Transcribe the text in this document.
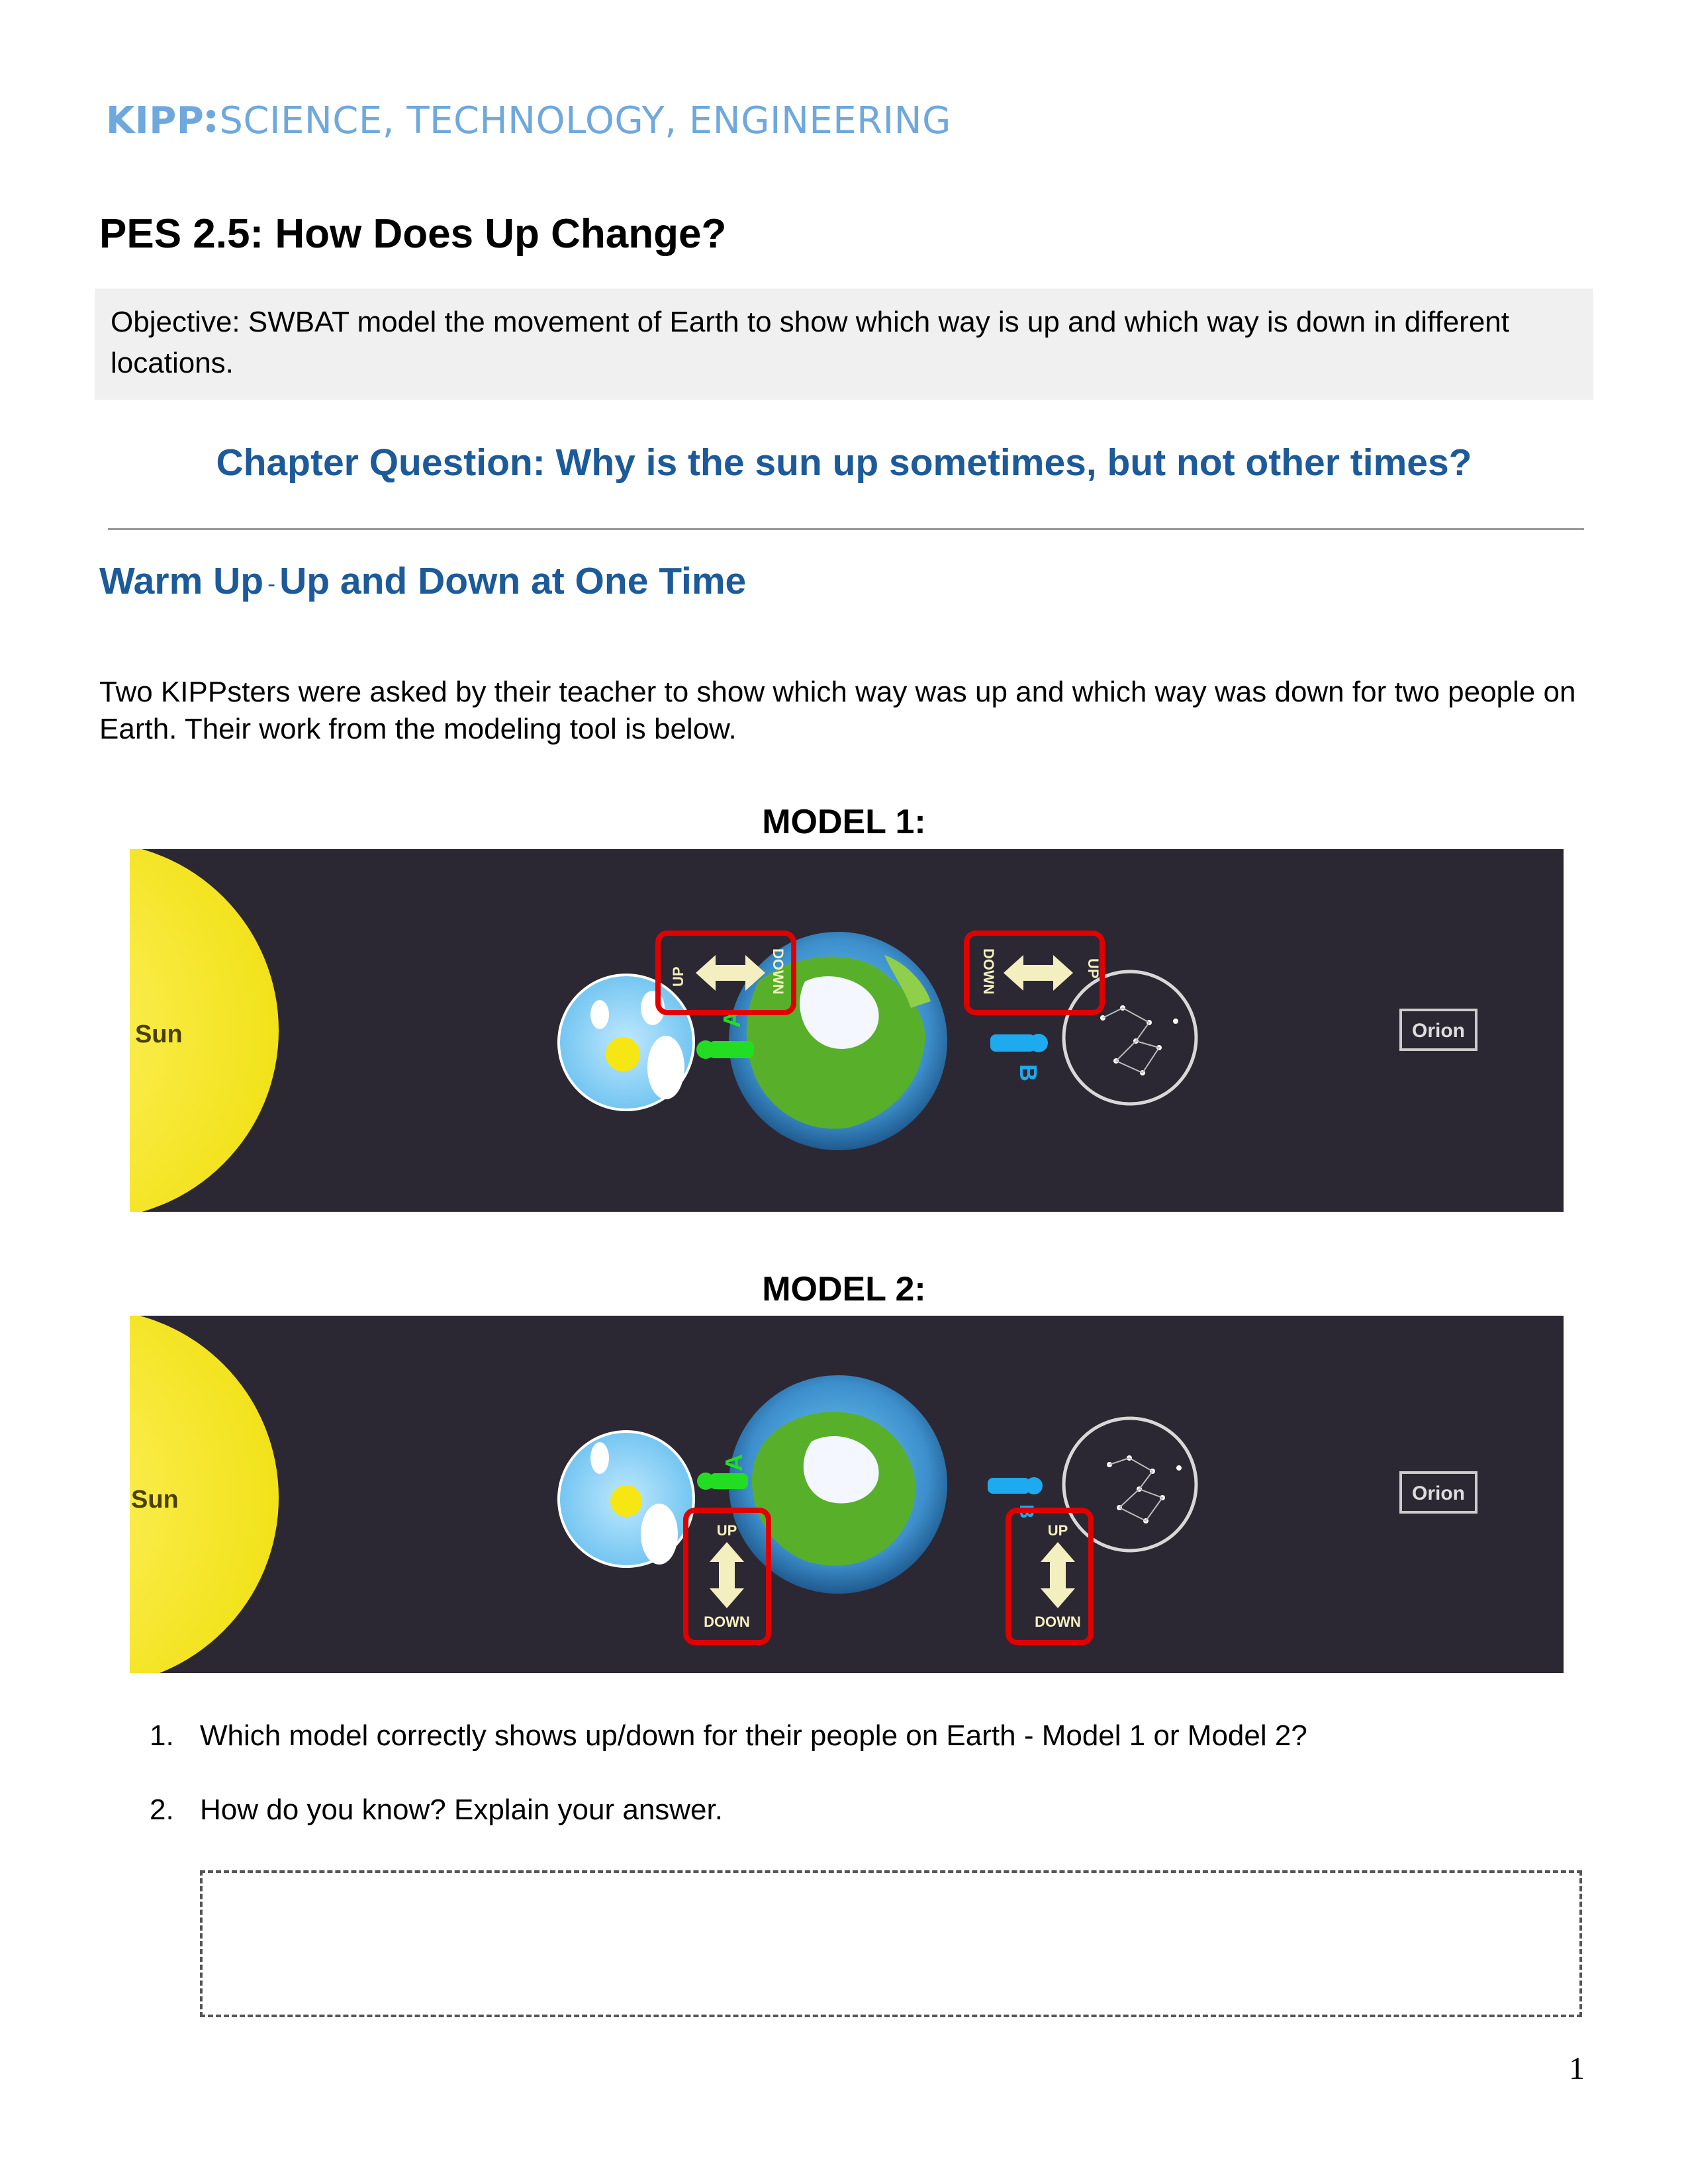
KIPP SCIENCE, TECHNOLOGY, ENGINEERING
PES 2.5: How Does Up Change?
Objective: SWBAT model the movement of Earth to show which way is up and which way is down in different locations.
Chapter Question: Why is the sun up sometimes, but not other times?
Warm Up - Up and Down at One Time
Two KIPPsters were asked by their teacher to show which way was up and which way was down for two people on Earth. Their work from the modeling tool is below.
MODEL 1:
Sun
A
B
Orion
UP	DOWN	DOWN	UP
MODEL 2:
Sun
A
B
Orion
UP
DOWN
UP
DOWN
1. Which model correctly shows up/down for their people on Earth - Model 1 or Model 2?
2. How do you know? Explain your answer.
1
